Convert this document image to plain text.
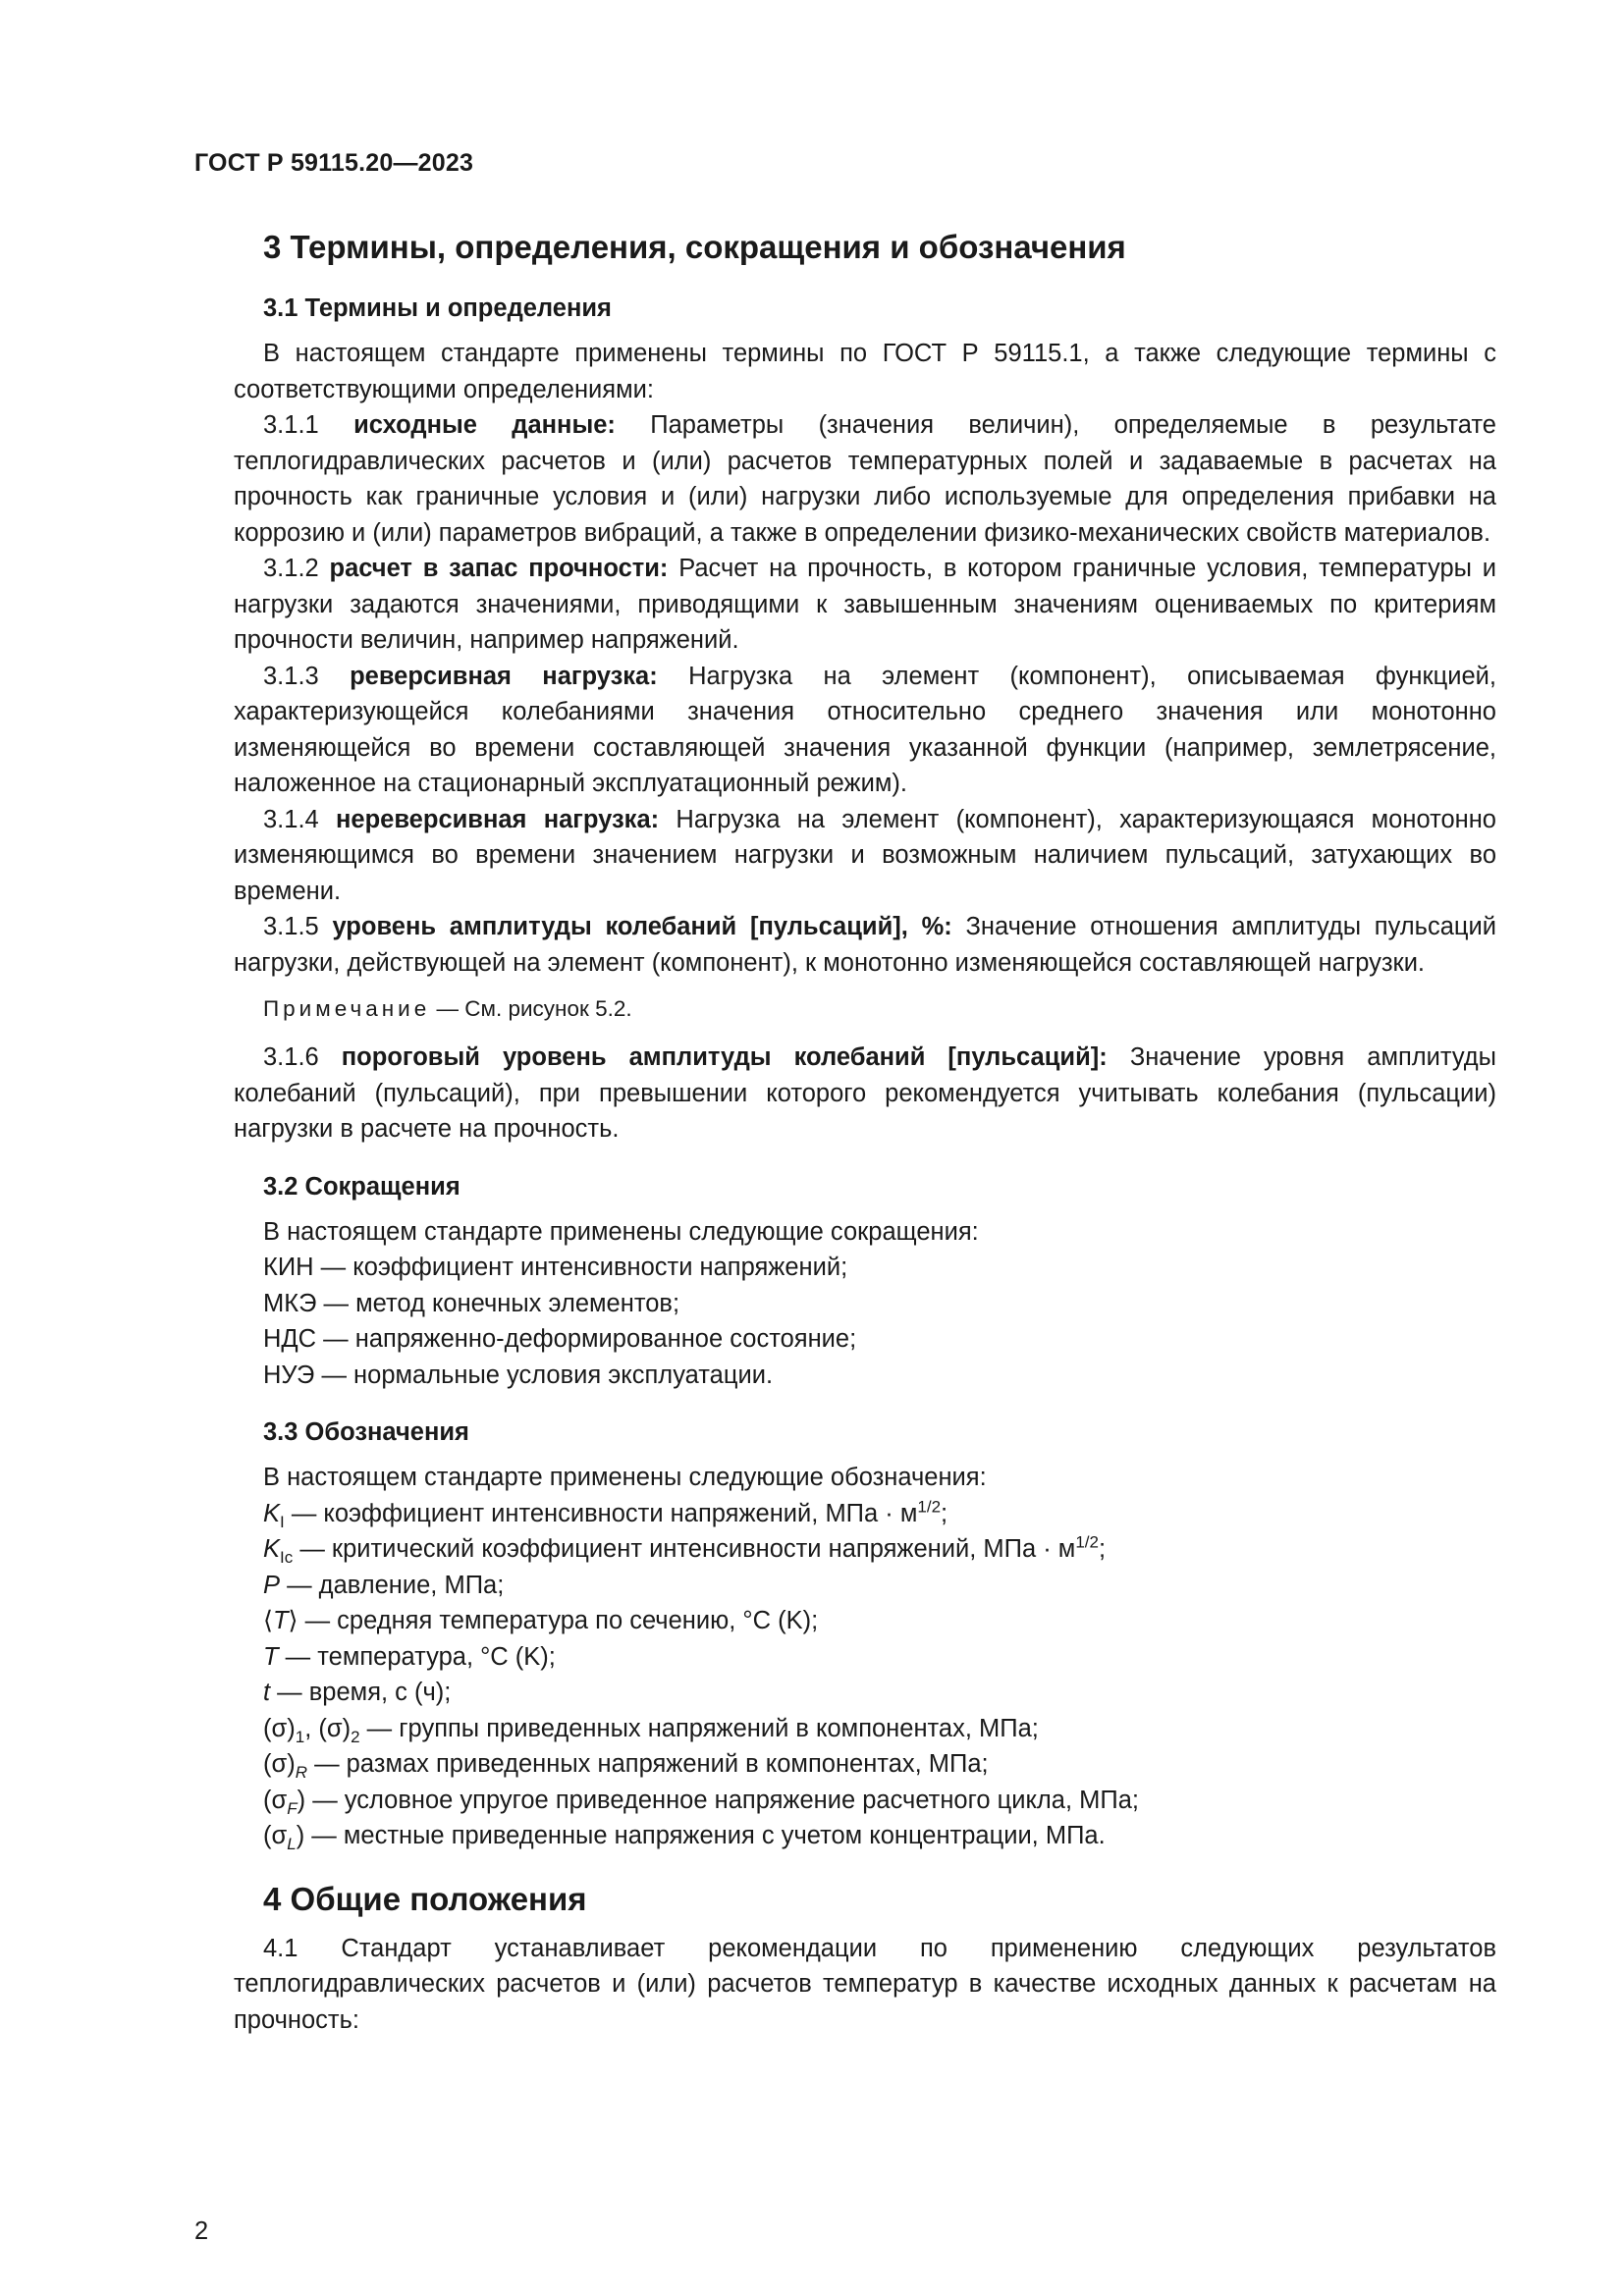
ГОСТ Р 59115.20—2023
3 Термины, определения, сокращения и обозначения
3.1 Термины и определения

В настоящем стандарте применены термины по ГОСТ Р 59115.1, а также следующие термины с соответствующими определениями:

3.1.1 исходные данные: Параметры (значения величин), определяемые в результате теплогидравлических расчетов и (или) расчетов температурных полей и задаваемые в расчетах на прочность как граничные условия и (или) нагрузки либо используемые для определения прибавки на коррозию и (или) параметров вибраций, а также в определении физико-механических свойств материалов.

3.1.2 расчет в запас прочности: Расчет на прочность, в котором граничные условия, температуры и нагрузки задаются значениями, приводящими к завышенным значениям оцениваемых по критериям прочности величин, например напряжений.

3.1.3 реверсивная нагрузка: Нагрузка на элемент (компонент), описываемая функцией, характеризующейся колебаниями значения относительно среднего значения или монотонно изменяющейся во времени составляющей значения указанной функции (например, землетрясение, наложенное на стационарный эксплуатационный режим).

3.1.4 нереверсивная нагрузка: Нагрузка на элемент (компонент), характеризующаяся монотонно изменяющимся во времени значением нагрузки и возможным наличием пульсаций, затухающих во времени.

3.1.5 уровень амплитуды колебаний [пульсаций], %: Значение отношения амплитуды пульсаций нагрузки, действующей на элемент (компонент), к монотонно изменяющейся составляющей нагрузки.

Примечание — См. рисунок 5.2.

3.1.6 пороговый уровень амплитуды колебаний [пульсаций]: Значение уровня амплитуды колебаний (пульсаций), при превышении которого рекомендуется учитывать колебания (пульсации) нагрузки в расчете на прочность.

3.2 Сокращения
В настоящем стандарте применены следующие сокращения:
КИН — коэффициент интенсивности напряжений;
МКЭ — метод конечных элементов;
НДС — напряженно-деформированное состояние;
НУЭ — нормальные условия эксплуатации.
3.3 Обозначения
В настоящем стандарте применены следующие обозначения:
$K_I$ — коэффициент интенсивности напряжений, МПа · $м^{1/2}$;
$K_{Ic}$ — критический коэффициент интенсивности напряжений, МПа · $м^{1/2}$;
P — давление, МПа;
⟨T⟩ — средняя температура по сечению, °C (K);
T — температура, °C (K);
t — время, с (ч);
$(\sigma)_1$, $(\sigma)_2$ — группы приведенных напряжений в компонентах, МПа;
$(\sigma)_R$ — размах приведенных напряжений в компонентах, МПа;
$(\sigma_F)$ — условное упругое приведенное напряжение расчетного цикла, МПа;
$(\sigma_L)$ — местные приведенные напряжения с учетом концентрации, МПа.
4 Общие положения

4.1 Стандарт устанавливает рекомендации по применению следующих результатов теплогидравлических расчетов и (или) расчетов температур в качестве исходных данных к расчетам на прочность:

2
